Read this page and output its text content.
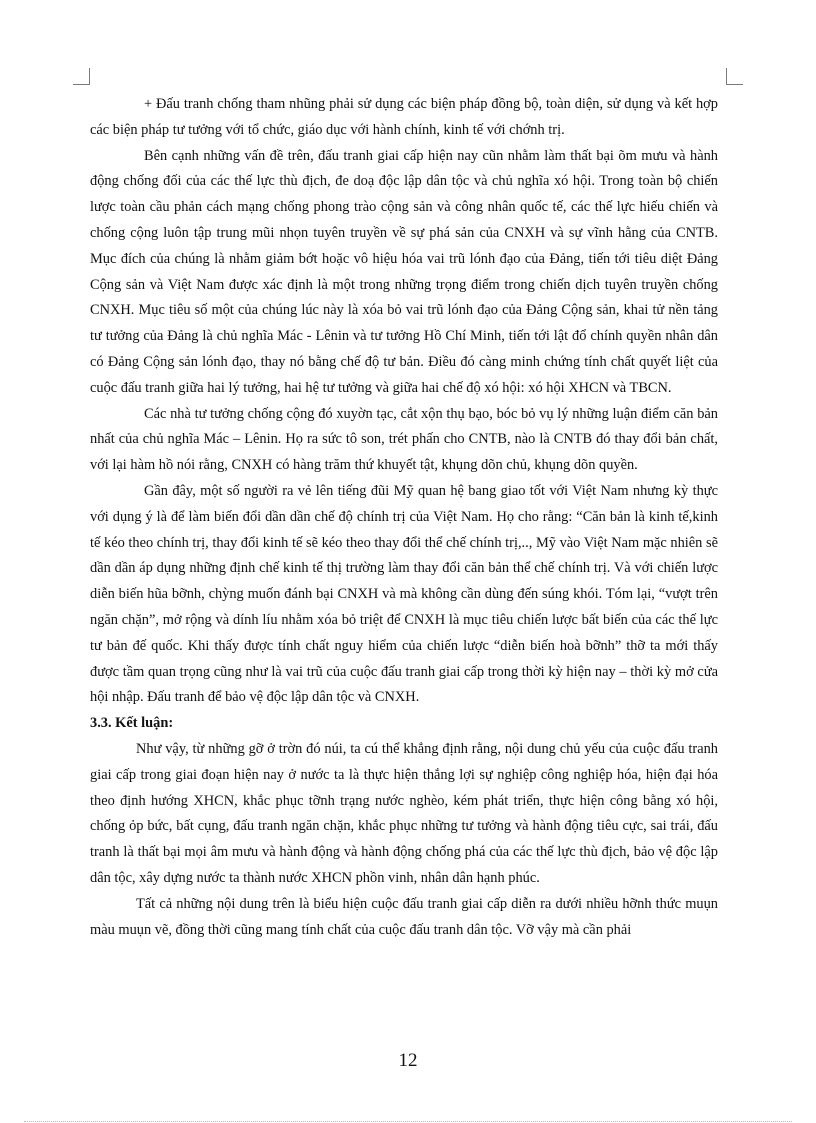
+ Đấu tranh chống tham nhũng phải sử dụng các biện pháp đồng bộ, toàn diện, sử dụng và kết hợp các biện pháp tư tưởng với tổ chức, giáo dục với hành chính, kinh tế với chớnh trị.

Bên cạnh những vấn đề trên, đấu tranh giai cấp hiện nay cũn nhằm làm thất bại õm mưu và hành động chống đối của các thế lực thù địch, đe doạ độc lập dân tộc và chủ nghĩa xó hội. Trong toàn bộ chiến lược toàn cầu phản cách mạng chống phong trào cộng sản và công nhân quốc tế, các thế lực hiếu chiến và chống cộng luôn tập trung mũi nhọn tuyên truyền về sự phá sản của CNXH và sự vĩnh hằng của CNTB. Mục đích của chúng là nhằm giảm bớt hoặc vô hiệu hóa vai trũ lónh đạo của Đảng, tiến tới tiêu diệt Đảng Cộng sản và Việt Nam được xác định là một trong những trọng điểm trong chiến dịch tuyên truyền chống CNXH. Mục tiêu số một của chúng lúc này là xóa bỏ vai trũ lónh đạo của Đảng Cộng sản, khai tử nền tảng tư tưởng của Đảng là chủ nghĩa Mác - Lênin và tư tưởng Hồ Chí Minh, tiến tới lật đổ chính quyền nhân dân có Đảng Cộng sản lónh đạo, thay nó bằng chế độ tư bản. Điều đó càng minh chứng tính chất quyết liệt của cuộc đấu tranh giữa hai lý tưởng, hai hệ tư tưởng và giữa hai chế độ xó hội: xó hội XHCN và TBCN.

Các nhà tư tưởng chống cộng đó xuyờn tạc, cắt xộn thụ bạo, bóc bỏ vụ lý những luận điểm căn bản nhất của chủ nghĩa Mác – Lênin. Họ ra sức tô son, trét phấn cho CNTB, nào là CNTB đó thay đổi bản chất, với lại hàm hồ nói rằng, CNXH có hàng trăm thứ khuyết tật, khụng dõn chủ, khụng dõn quyền.

Gần đây, một số người ra vẻ lên tiếng đũi Mỹ quan hệ bang giao tốt với Việt Nam nhưng kỳ thực với dụng ý là để làm biến đổi dần dần chế độ chính trị của Việt Nam. Họ cho rằng: “Căn bản là kinh tế,kinh tế kéo theo chính trị, thay đổi kinh tế sẽ kéo theo thay đổi thể chế chính trị,.., Mỹ vào Việt Nam mặc nhiên sẽ dần dần áp dụng những định chế kinh tế thị trường làm thay đổi căn bản thể chế chính trị. Và với chiến lược diễn biến hũa bỡnh, chỳng muốn đánh bại CNXH và mà không cần dùng đến súng khói. Tóm lại, “vượt trên ngăn chặn”, mở rộng và dính líu nhằm xóa bỏ triệt để CNXH là mục tiêu chiến lược bất biến của các thế lực tư bản đế quốc. Khi thấy được tính chất nguy hiểm của chiến lược “diễn biến hoà bỡnh” thỡ ta mới thấy được tầm quan trọng cũng như là vai trũ của cuộc đấu tranh giai cấp trong thời kỳ hiện nay – thời kỳ mở cửa hội nhập. Đấu tranh để bảo vệ độc lập dân tộc và CNXH.

3.3. Kết luận:

Như vậy, từ những gỡ ở trờn đó núi, ta cú thể khẳng định rằng, nội dung chủ yếu của cuộc đấu tranh giai cấp trong giai đoạn hiện nay ở nước ta là thực hiện thắng lợi sự nghiệp công nghiệp hóa, hiện đại hóa theo định hướng XHCN, khắc phục tỡnh trạng nước nghèo, kém phát triển, thực hiện công bằng xó hội, chống ỏp bức, bất cụng, đấu tranh ngăn chặn, khắc phục những tư tưởng và hành động tiêu cực, sai trái, đấu tranh là thất bại mọi âm mưu và hành động và hành động chống phá của các thế lực thù địch, bảo vệ độc lập dân tộc, xây dựng nước ta thành nước XHCN phồn vinh, nhân dân hạnh phúc.

Tất cả những nội dung trên là biểu hiện cuộc đấu tranh giai cấp diễn ra dưới nhiều hỡnh thức muụn màu muụn vẽ, đồng thời cũng mang tính chất của cuộc đấu tranh dân tộc. Vỡ vậy mà cần phải

12
